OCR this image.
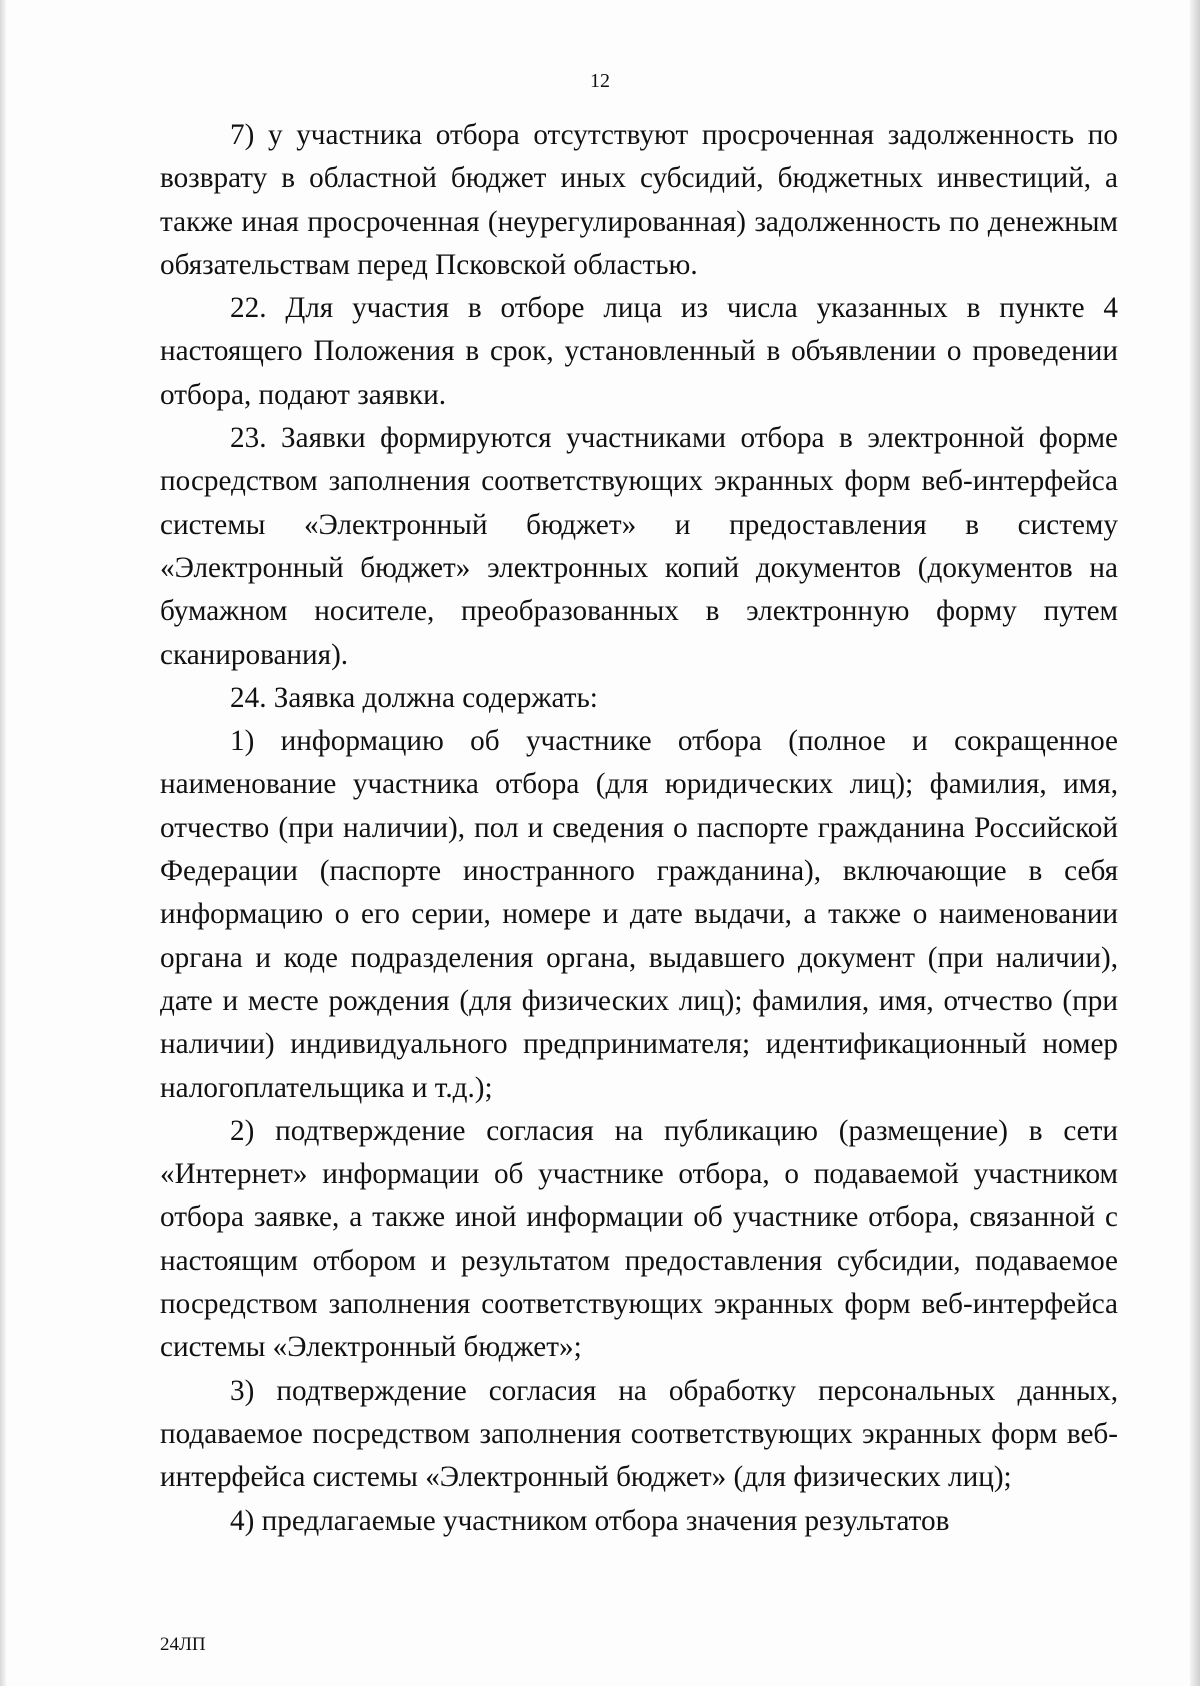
12

7) у участника отбора отсутствуют просроченная задолженность по возврату в областной бюджет иных субсидий, бюджетных инвестиций, а также иная просроченная (неурегулированная) задолженность по денежным обязательствам перед Псковской областью.

22. Для участия в отборе лица из числа указанных в пункте 4 настоящего Положения в срок, установленный в объявлении о проведении отбора, подают заявки.

23. Заявки формируются участниками отбора в электронной форме посредством заполнения соответствующих экранных форм веб-интерфейса системы «Электронный бюджет» и предоставления в систему «Электронный бюджет» электронных копий документов (документов на бумажном носителе, преобразованных в электронную форму путем сканирования).

24. Заявка должна содержать:

1) информацию об участнике отбора (полное и сокращенное наименование участника отбора (для юридических лиц); фамилия, имя, отчество (при наличии), пол и сведения о паспорте гражданина Российской Федерации (паспорте иностранного гражданина), включающие в себя информацию о его серии, номере и дате выдачи, а также о наименовании органа и коде подразделения органа, выдавшего документ (при наличии), дате и месте рождения (для физических лиц); фамилия, имя, отчество (при наличии) индивидуального предпринимателя; идентификационный номер налогоплательщика и т.д.);

2) подтверждение согласия на публикацию (размещение) в сети «Интернет» информации об участнике отбора, о подаваемой участником отбора заявке, а также иной информации об участнике отбора, связанной с настоящим отбором и результатом предоставления субсидии, подаваемое посредством заполнения соответствующих экранных форм веб-интерфейса системы «Электронный бюджет»;

3) подтверждение согласия на обработку персональных данных, подаваемое посредством заполнения соответствующих экранных форм веб-интерфейса системы «Электронный бюджет» (для физических лиц);

4) предлагаемые участником отбора значения результатов

24ЛП
